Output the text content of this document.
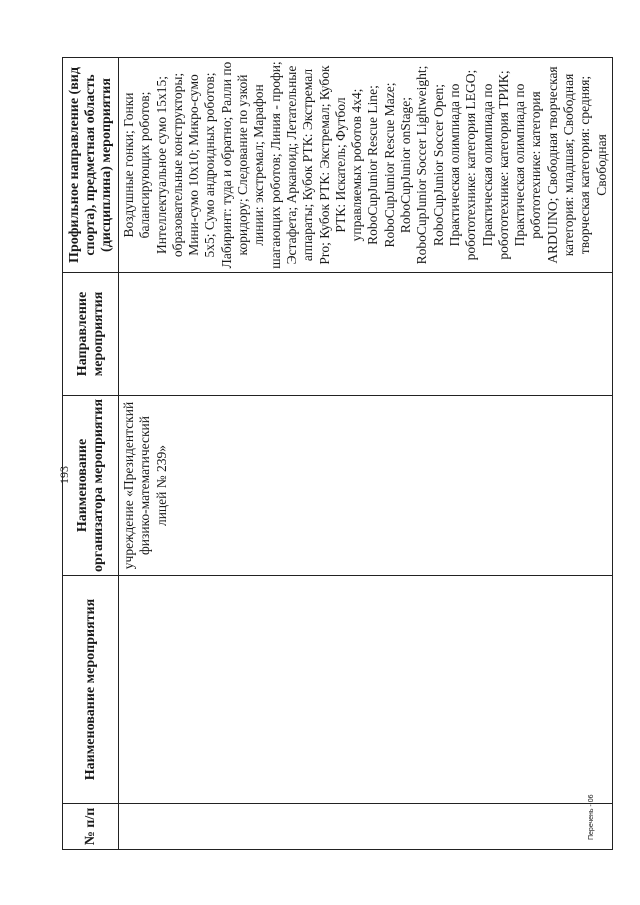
193
Перечень - 06
№ п/п	Наименование мероприятия	Наименование организатора мероприятия	Направление мероприятия	Профильное направление (вид спорта), предметная область (дисциплина) мероприятия
		учреждение «Президентский физико-математический лицей № 239»		Воздушные гонки; Гонки балансирующих роботов; Интеллектуальное сумо 15х15; образовательные конструкторы; Мини-сумо 10х10; Микро-сумо 5х5; Сумо андроидных роботов; Лабиринт: туда и обратно; Ралли по коридору; Следование по узкой линии: экстремал; Марафон шагающих роботов; Линия - профи; Эстафета; Арканоид; Летательные аппараты; Кубок РТК: Экстремал Pro; Кубок РТК: Экстремал; Кубок РТК: Искатель; Футбол управляемых роботов 4х4; RoboCupJunior Rescue Line; RoboCupJunior Rescue Maze; RoboCupJunior onStage; RoboCupJunior Soccer Lightweight; RoboCupJunior Soccer Open; Практическая олимпиада по робототехнике: категория LEGO; Практическая олимпиада по робототехнике: категория ТРИК; Практическая олимпиада по робототехнике: категория ARDUINO; Свободная творческая категория: младшая; Свободная творческая категория: средняя; Свободная
